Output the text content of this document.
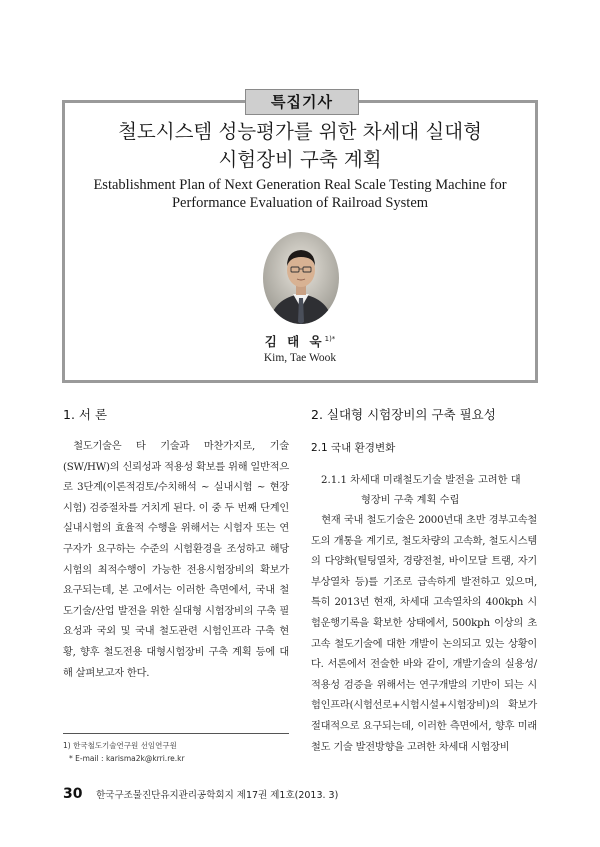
특집기사
철도시스템 성능평가를 위한 차세대 실대형
시험장비 구축 계획
Establishment Plan of Next Generation Real Scale Testing Machine for
Performance Evaluation of Railroad System
김 태 욱$^{1)*}$
Kim, Tae Wook
1. 서 론

철도기술은 타 기술과 마찬가지로, 기술(SW/HW)의 신뢰성과 적용성 확보를 위해 일반적으로 3단계(이론적검토/수치해석 ~ 실내시험 ~ 현장시험) 검증절차를 거치게 된다. 이 중 두 번째 단계인 실내시험의 효율적 수행을 위해서는 시험자 또는 연구자가 요구하는 수준의 시험환경을 조성하고 해당시험의 최적수행이 가능한 전용시험장비의 확보가 요구되는데, 본 고에서는 이러한 측면에서, 국내 철도기술/산업 발전을 위한 실대형 시험장비의 구축 필요성과 국외 및 국내 철도관련 시험인프라 구축 현황, 향후 철도전용 대형시험장비 구축 계획 등에 대해 살펴보고자 한다.

2. 실대형 시험장비의 구축 필요성
2.1 국내 환경변화
2.1.1 차세대 미래철도기술 발전을 고려한 대
형장비 구축 계획 수립

현재 국내 철도기술은 2000년대 초반 경부고속철도의 개통을 계기로, 철도차량의 고속화, 철도시스템의 다양화(틸팅열차, 경량전철, 바이모달 트램, 자기부상열차 등)를 기조로 급속하게 발전하고 있으며, 특히 2013년 현재, 차세대 고속열차의 400kph 시험운행기록을 확보한 상태에서, 500kph 이상의 초고속 철도기술에 대한 개발이 논의되고 있는 상황이다. 서론에서 전술한 바와 같이, 개발기술의 실용성/적용성 검증을 위해서는 연구개발의 기반이 되는 시험인프라(시험선로+시험시설+시험장비)의 확보가 절대적으로 요구되는데, 이러한 측면에서, 향후 미래철도 기술 발전방향을 고려한 차세대 시험장비

1) 한국철도기술연구원 선임연구원
* E-mail : karisma2k@krri.re.kr
30 한국구조물진단유지관리공학회지 제17권 제1호(2013. 3)
